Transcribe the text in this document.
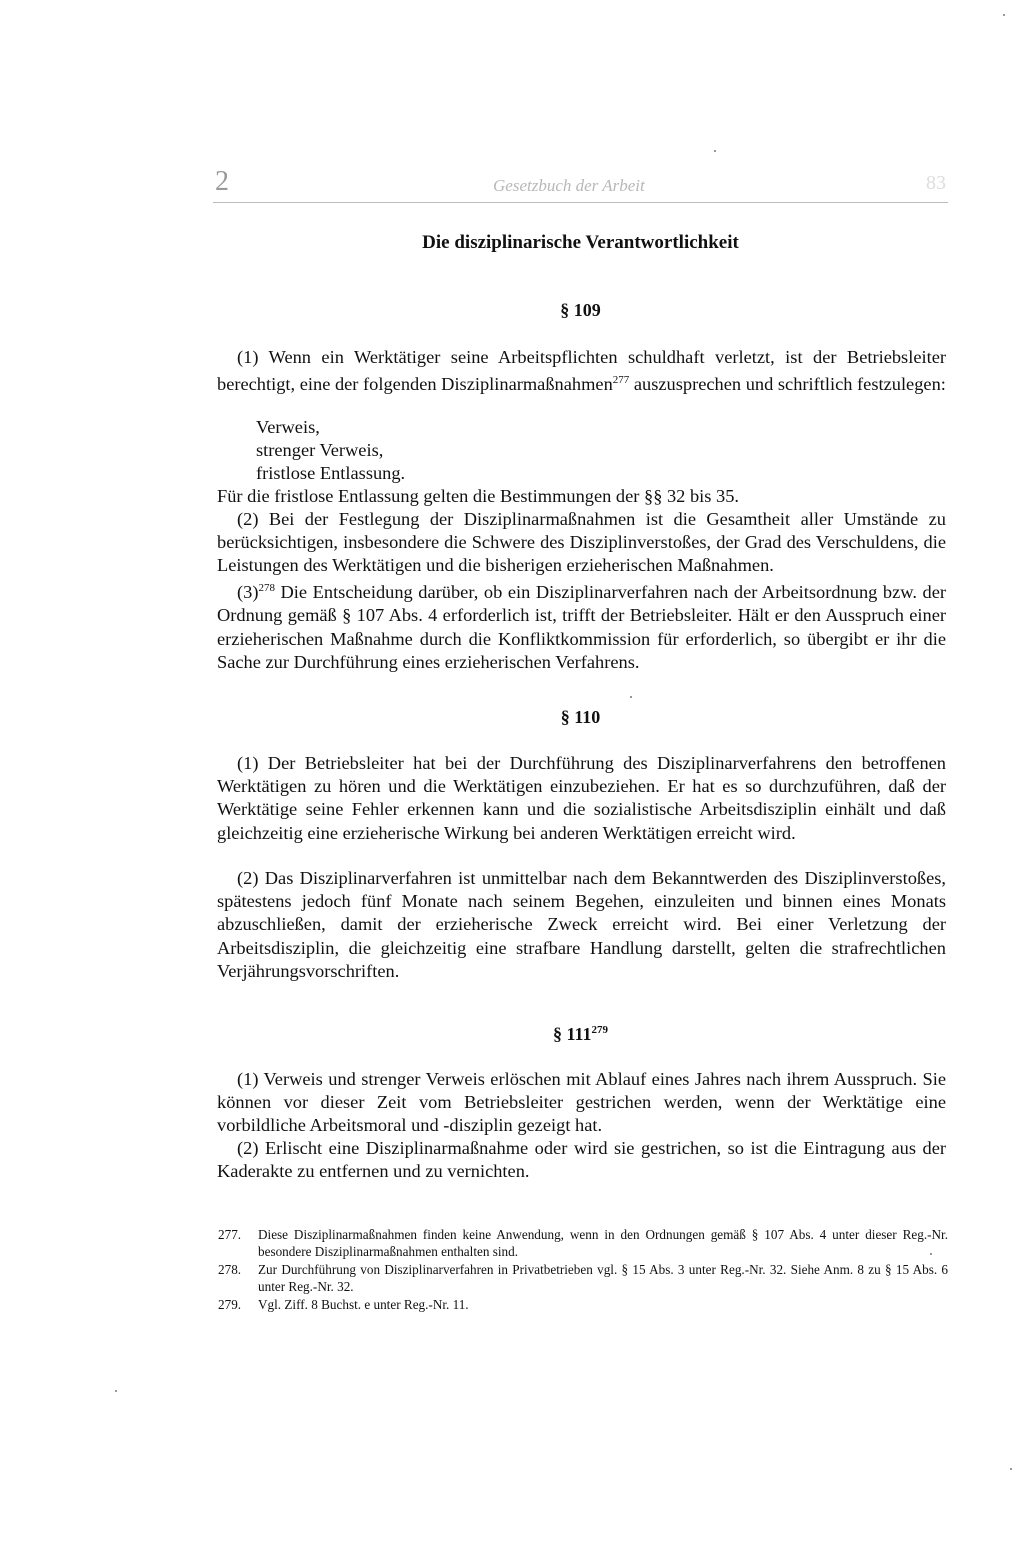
2	Gesetzbuch der Arbeit	83
Die disziplinarische Verantwortlichkeit
§ 109
(1) Wenn ein Werktätiger seine Arbeitspflichten schuldhaft verletzt, ist der Betriebsleiter berechtigt, eine der folgenden Disziplinarmaßnahmen$^{277}$ auszusprechen und schriftlich festzulegen:
Verweis,
strenger Verweis,
fristlose Entlassung.
Für die fristlose Entlassung gelten die Bestimmungen der §§ 32 bis 35.
(2) Bei der Festlegung der Disziplinarmaßnahmen ist die Gesamtheit aller Umstände zu berücksichtigen, insbesondere die Schwere des Disziplinverstoßes, der Grad des Verschuldens, die Leistungen des Werktätigen und die bisherigen erzieherischen Maßnahmen.
$(3)^{278}$ Die Entscheidung darüber, ob ein Disziplinarverfahren nach der Arbeitsordnung bzw. der Ordnung gemäß § 107 Abs. 4 erforderlich ist, trifft der Betriebsleiter. Hält er den Ausspruch einer erzieherischen Maßnahme durch die Konfliktkommission für erforderlich, so übergibt er ihr die Sache zur Durchführung eines erzieherischen Verfahrens.
§ 110
(1) Der Betriebsleiter hat bei der Durchführung des Disziplinarverfahrens den betroffenen Werktätigen zu hören und die Werktätigen einzubeziehen. Er hat es so durchzuführen, daß der Werktätige seine Fehler erkennen kann und die sozialistische Arbeitsdisziplin einhält und daß gleichzeitig eine erzieherische Wirkung bei anderen Werktätigen erreicht wird.
(2) Das Disziplinarverfahren ist unmittelbar nach dem Bekanntwerden des Disziplinverstoßes, spätestens jedoch fünf Monate nach seinem Begehen, einzuleiten und binnen eines Monats abzuschließen, damit der erzieherische Zweck erreicht wird. Bei einer Verletzung der Arbeitsdisziplin, die gleichzeitig eine strafbare Handlung darstellt, gelten die strafrechtlichen Verjährungsvorschriften.
§ $111^{279}$
(1) Verweis und strenger Verweis erlöschen mit Ablauf eines Jahres nach ihrem Ausspruch. Sie können vor dieser Zeit vom Betriebsleiter gestrichen werden, wenn der Werktätige eine vorbildliche Arbeitsmoral und -disziplin gezeigt hat.
(2) Erlischt eine Disziplinarmaßnahme oder wird sie gestrichen, so ist die Eintragung aus der Kaderakte zu entfernen und zu vernichten.
277. Diese Disziplinarmaßnahmen finden keine Anwendung, wenn in den Ordnungen gemäß § 107 Abs. 4 unter dieser Reg.-Nr. besondere Disziplinarmaßnahmen enthalten sind.
278. Zur Durchführung von Disziplinarverfahren in Privatbetrieben vgl. § 15 Abs. 3 unter Reg.-Nr. 32. Siehe Anm. 8 zu § 15 Abs. 6 unter Reg.-Nr. 32.
279. Vgl. Ziff. 8 Buchst. e unter Reg.-Nr. 11.
